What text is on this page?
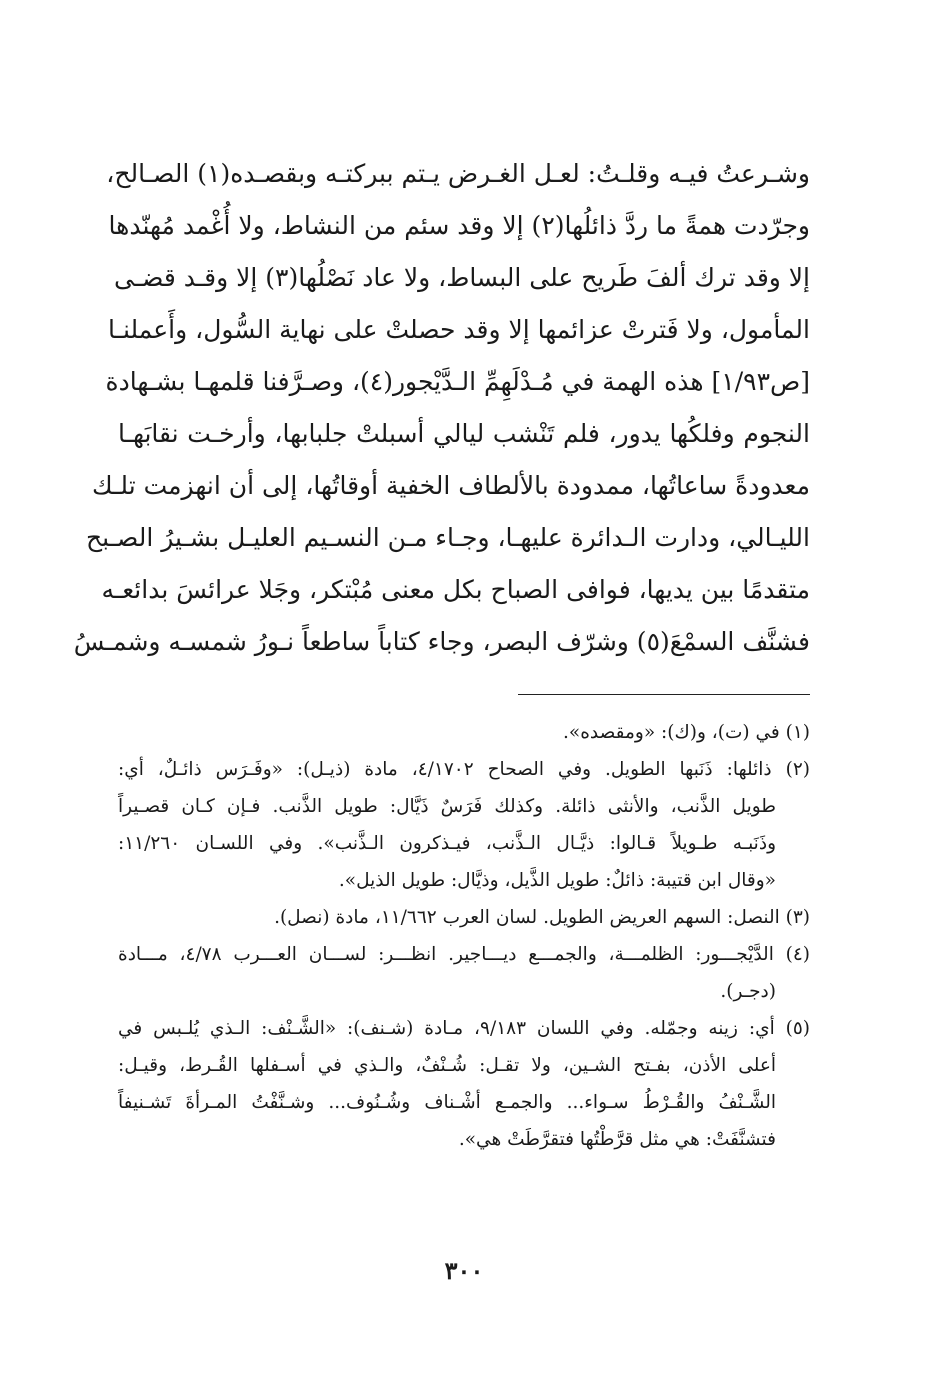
وشـرعتُ فيـه وقلـتُ: لعـل الغـرض يـتم ببركتـه وبقصـده(١) الصـالح،
وجرّدت همةً ما ردَّ ذائلُها(٢) إلا وقد سئم من النشاط، ولا أُغْمد مُهنّدها
إلا وقد ترك ألفَ طَريح على البساط، ولا عاد نَصْلُها(٣) إلا وقـد قضـى
المأمول، ولا فَترتْ عزائمها إلا وقد حصلتْ على نهاية السُّول، وأَعملنـا
[ص١/٩٣] هذه الهمة في مُـدْلَهِمِّ الـدَّيْجور(٤)، وصـرَّفنا قلمهـا بشـهادة
النجوم وفلكُها يدور، فلم تَنْشب ليالي أسبلتْ جلبابها، وأرخـت نقابَهـا
معدودةً ساعاتُها، ممدودة بالألطاف الخفية أوقاتُها، إلى أن انهزمت تلـك
الليـالي، ودارت الـدائرة عليهـا، وجـاء مـن النسـيم العليـل بشـيرُ الصـبح
متقدمًا بين يديها، فوافى الصباح بكل معنى مُبْتكر، وجَلا عرائسَ بدائعـه
فشنَّف السمْعَ(٥) وشرّف البصر، وجاء كتاباً ساطعاً نـورُ شمسـه وشمـسُ
(١) في (ت)، و(ك): «ومقصده».
(٢) ذائلها: ذَنَبها الطويل. وفي الصحاح ٤/١٧٠٢، مادة (ذيـل): «وفَـرَس ذائـلٌ، أي:
طويل الذَّنب، والأنثى ذائلة. وكذلك فَرَسٌ ذَيَّال: طويل الذَّنب. فـإن كـان قصـيراً
وذَنَبـه طـويلاً قـالوا: ذيَّـال الـذَّنب، فيـذكرون الـذَّنب». وفي اللسـان ١١/٢٦٠:
«وقال ابن قتيبة: ذائلٌ: طويل الذَّيل، وذيَّال: طويل الذيل».
(٣) النصل: السهم العريض الطويل. لسان العرب ١١/٦٦٢، مادة (نصل).
(٤) الدَّيْجـــور: الظلمـــة، والجمـــع ديـــاجير. انظـــر: لســـان العـــرب ٤/٧٨، مـــادة
(دجـر).
(٥) أي: زينه وجمّله. وفي اللسان ٩/١٨٣، مـادة (شـنف): «الشَّـنْف: الـذي يُلـبس في
أعلى الأذن، بفـتح الشـين، ولا تقـل: شُـنْفٌ، والـذي في أسـفلها القُـرط، وقيـل:
الشَّـنْفُ والقُـرْطُ سـواء... والجمـع أشْـناف وشُـنُوف... وشـنَّفْتُ المـرأةَ تَشـنيفاً
فتشنَّفَتْ: هي مثل قرَّطْتُها فتقرَّطَتْ هي».
٣٠٠
